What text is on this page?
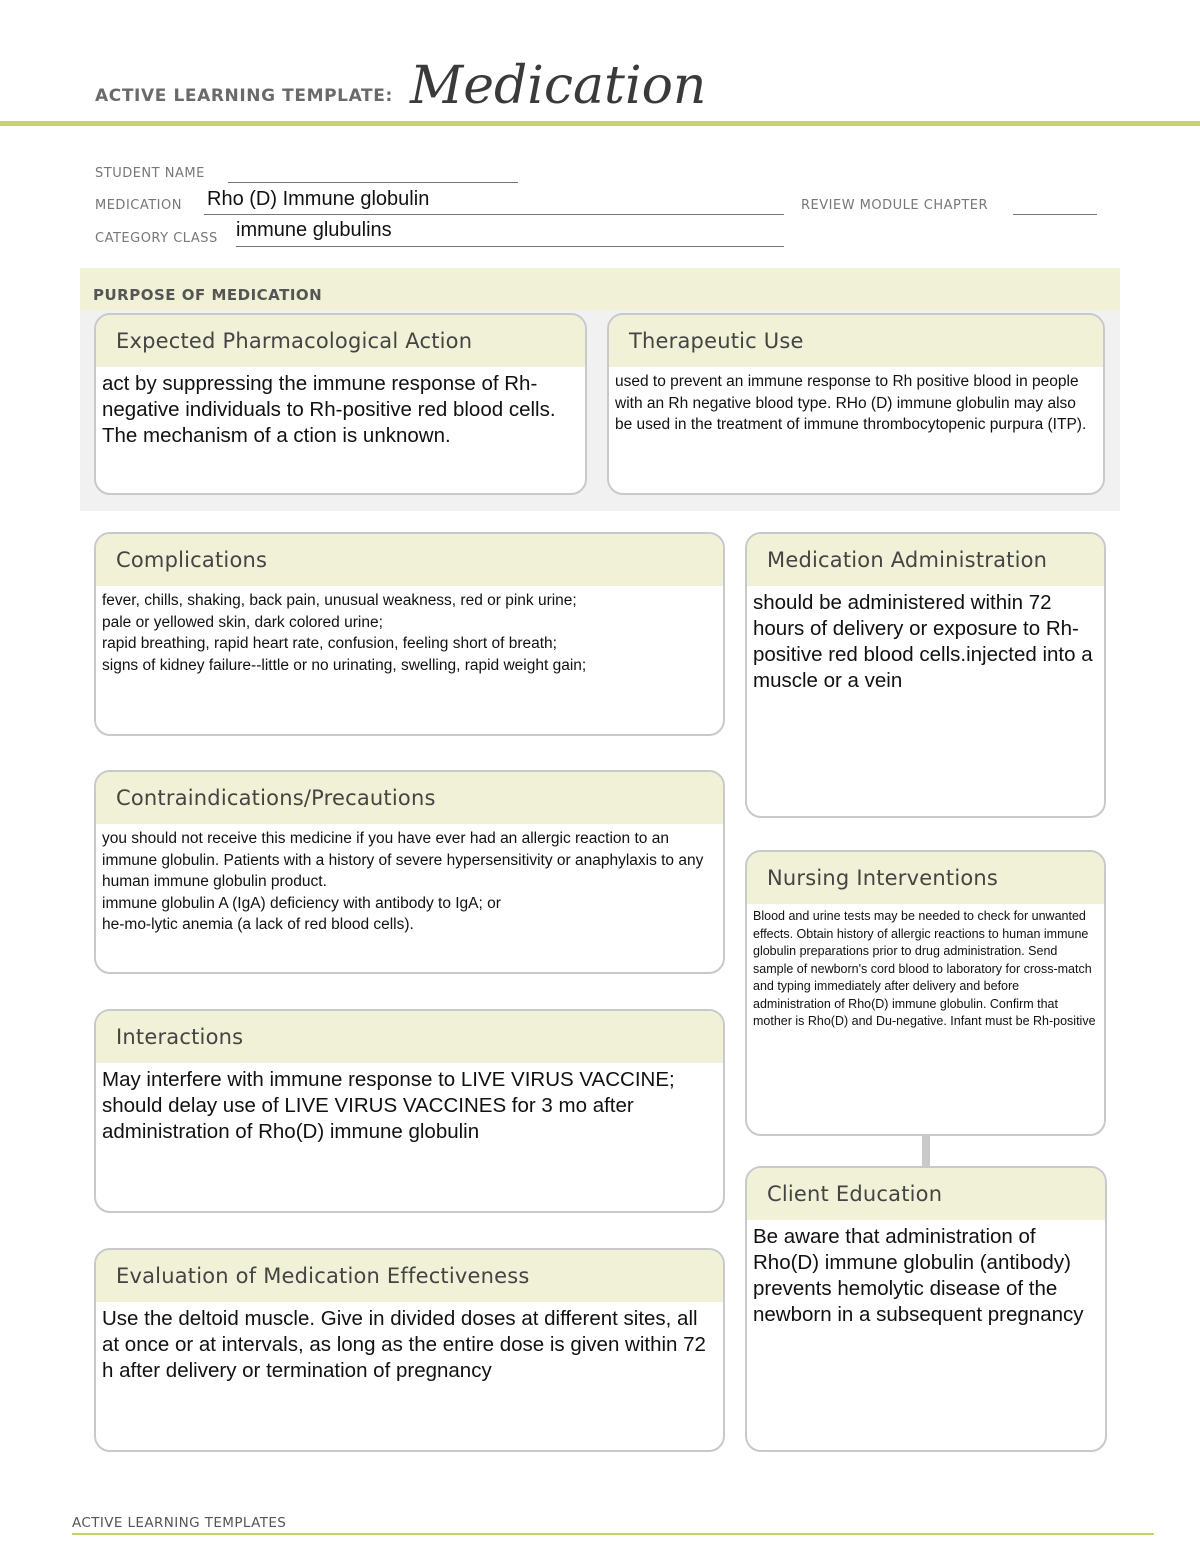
ACTIVE LEARNING TEMPLATE: Medication
STUDENT NAME
MEDICATION Rho (D) Immune globulin	REVIEW MODULE CHAPTER
CATEGORY CLASS immune glubulins
PURPOSE OF MEDICATION
Expected Pharmacological Action
act by suppressing the immune response of Rh-negative individuals to Rh-positive red blood cells. The mechanism of a ction is unknown.
Therapeutic Use
used to prevent an immune response to Rh positive blood in people with an Rh negative blood type. RHo (D) immune globulin may also be used in the treatment of immune thrombocytopenic purpura (ITP).
Complications
fever, chills, shaking, back pain, unusual weakness, red or pink urine;
pale or yellowed skin, dark colored urine;
rapid breathing, rapid heart rate, confusion, feeling short of breath;
signs of kidney failure--little or no urinating, swelling, rapid weight gain;
Contraindications/Precautions
you should not receive this medicine if you have ever had an allergic reaction to an immune globulin. Patients with a history of severe hypersensitivity or anaphylaxis to any human immune globulin product.
immune globulin A (IgA) deficiency with antibody to IgA; or
he-mo-lytic anemia (a lack of red blood cells).
Interactions
May interfere with immune response to LIVE VIRUS VACCINE; should delay use of LIVE VIRUS VACCINES for 3 mo after administration of Rho(D) immune globulin
Evaluation of Medication Effectiveness
Use the deltoid muscle. Give in divided doses at different sites, all at once or at intervals, as long as the entire dose is given within 72 h after delivery or termination of pregnancy
Medication Administration
should be administered within 72 hours of delivery or exposure to Rh-positive red blood cells.injected into a muscle or a vein
Nursing Interventions
Blood and urine tests may be needed to check for unwanted effects. Obtain history of allergic reactions to human immune globulin preparations prior to drug administration. Send sample of newborn's cord blood to laboratory for cross-match and typing immediately after delivery and before administration of Rho(D) immune globulin. Confirm that mother is Rho(D) and Du-negative. Infant must be Rh-positive
Client Education
Be aware that administration of Rho(D) immune globulin (antibody) prevents hemolytic disease of the newborn in a subsequent pregnancy
ACTIVE LEARNING TEMPLATES
